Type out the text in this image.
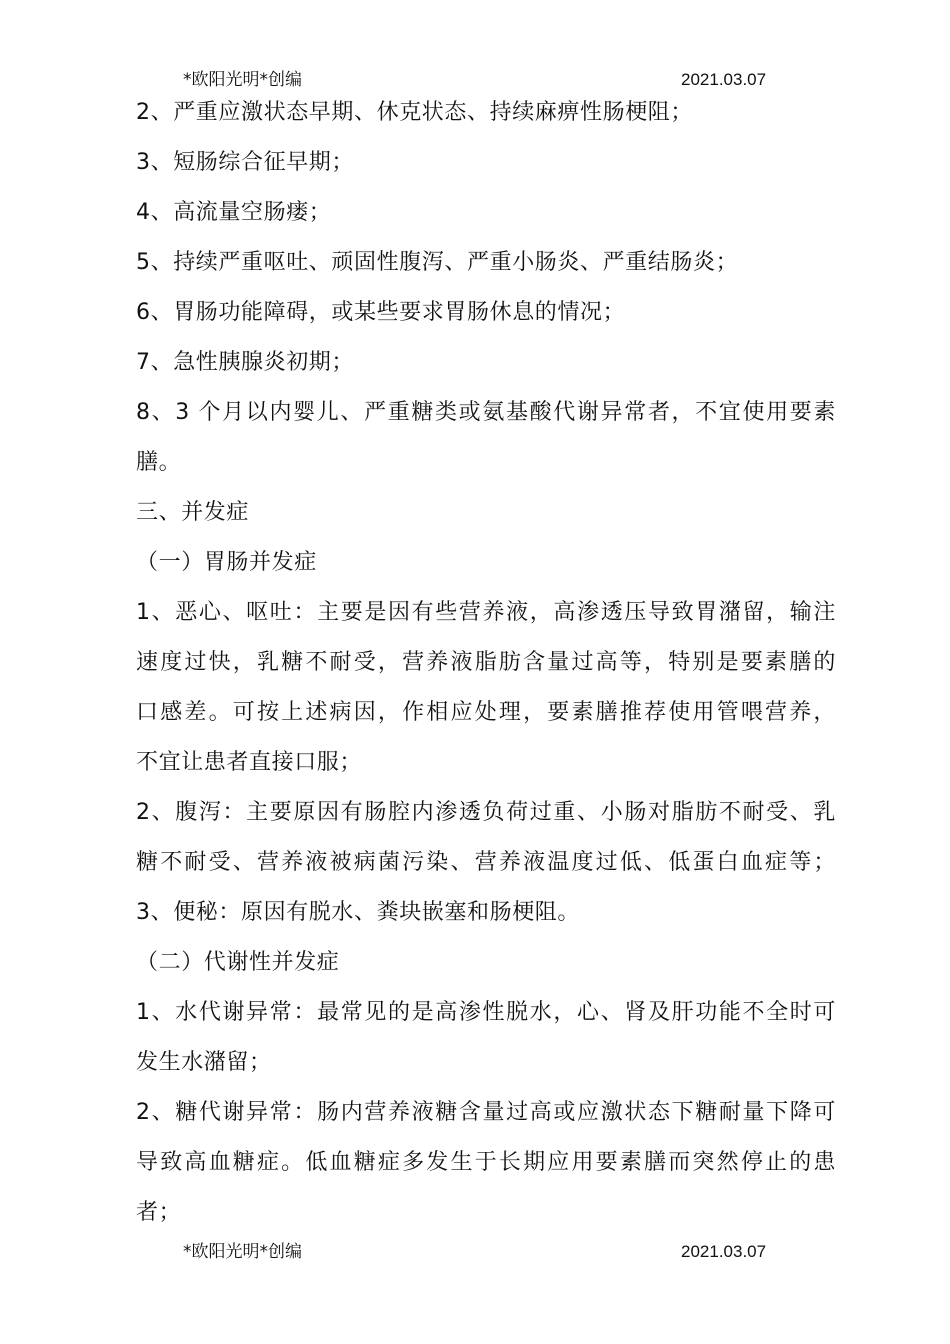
*欧阳光明*创编	2021.03.07
2、严重应激状态早期、休克状态、持续麻痹性肠梗阻；
3、短肠综合征早期；
4、高流量空肠瘘；
5、持续严重呕吐、顽固性腹泻、严重小肠炎、严重结肠炎；
6、胃肠功能障碍，或某些要求胃肠休息的情况；
7、急性胰腺炎初期；
8、3 个月以内婴儿、严重糖类或氨基酸代谢异常者，不宜使用要素
膳。
三、并发症
（一）胃肠并发症
1、恶心、呕吐：主要是因有些营养液，高渗透压导致胃潴留，输注
速度过快，乳糖不耐受，营养液脂肪含量过高等，特别是要素膳的
口感差。可按上述病因，作相应处理，要素膳推荐使用管喂营养，
不宜让患者直接口服；
2、腹泻：主要原因有肠腔内渗透负荷过重、小肠对脂肪不耐受、乳
糖不耐受、营养液被病菌污染、营养液温度过低、低蛋白血症等；
3、便秘：原因有脱水、粪块嵌塞和肠梗阻。
（二）代谢性并发症
1、水代谢异常：最常见的是高渗性脱水，心、肾及肝功能不全时可
发生水潴留；
2、糖代谢异常：肠内营养液糖含量过高或应激状态下糖耐量下降可
导致高血糖症。低血糖症多发生于长期应用要素膳而突然停止的患
者；
*欧阳光明*创编	2021.03.07
